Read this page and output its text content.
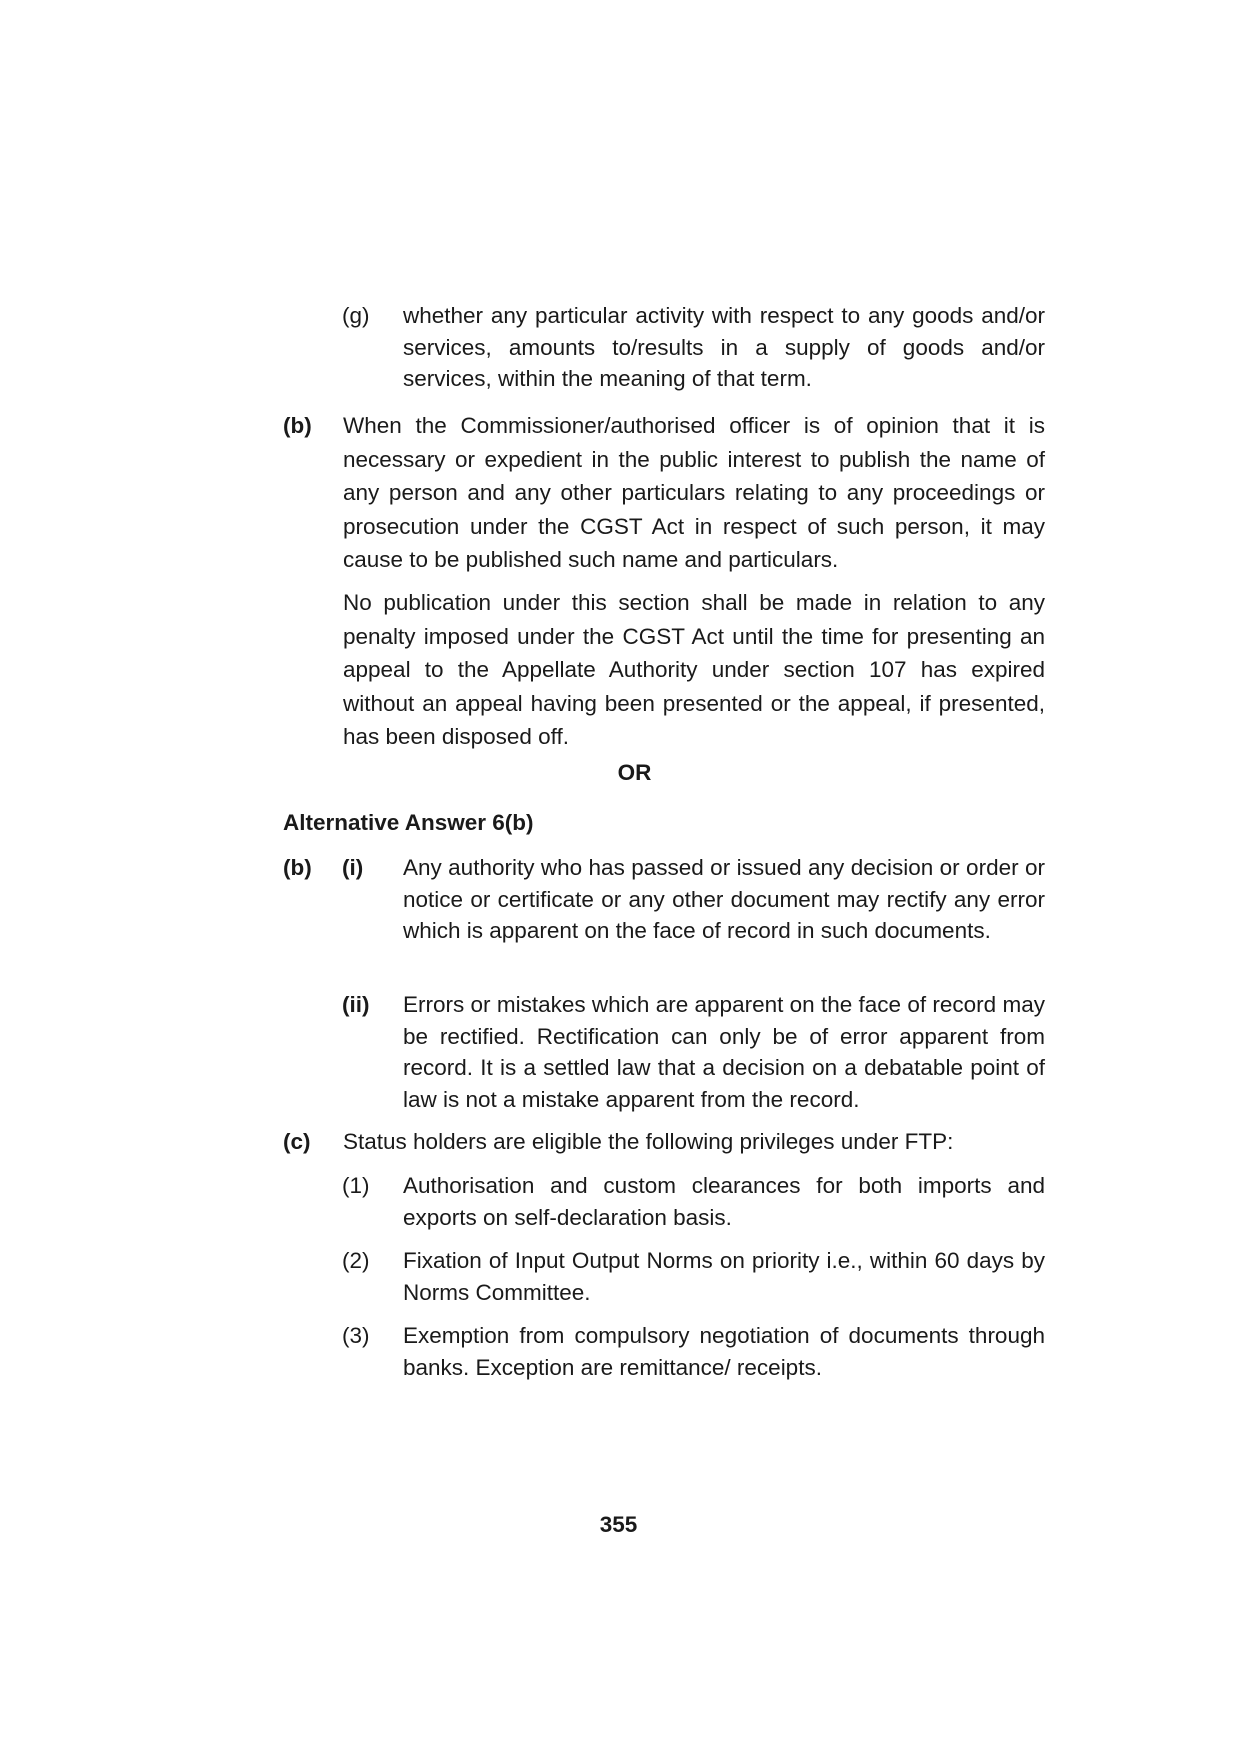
(g) whether any particular activity with respect to any goods and/or services, amounts to/results in a supply of goods and/or services, within the meaning of that term.
(b) When the Commissioner/authorised officer is of opinion that it is necessary or expedient in the public interest to publish the name of any person and any other particulars relating to any proceedings or prosecution under the CGST Act in respect of such person, it may cause to be published such name and particulars.
No publication under this section shall be made in relation to any penalty imposed under the CGST Act until the time for presenting an appeal to the Appellate Authority under section 107 has expired without an appeal having been presented or the appeal, if presented, has been disposed off.
OR
Alternative Answer 6(b)
(b) (i) Any authority who has passed or issued any decision or order or notice or certificate or any other document may rectify any error which is apparent on the face of record in such documents.
(ii) Errors or mistakes which are apparent on the face of record may be rectified. Rectification can only be of error apparent from record. It is a settled law that a decision on a debatable point of law is not a mistake apparent from the record.
(c) Status holders are eligible the following privileges under FTP:
(1) Authorisation and custom clearances for both imports and exports on self-declaration basis.
(2) Fixation of Input Output Norms on priority i.e., within 60 days by Norms Committee.
(3) Exemption from compulsory negotiation of documents through banks. Exception are remittance/ receipts.
355
